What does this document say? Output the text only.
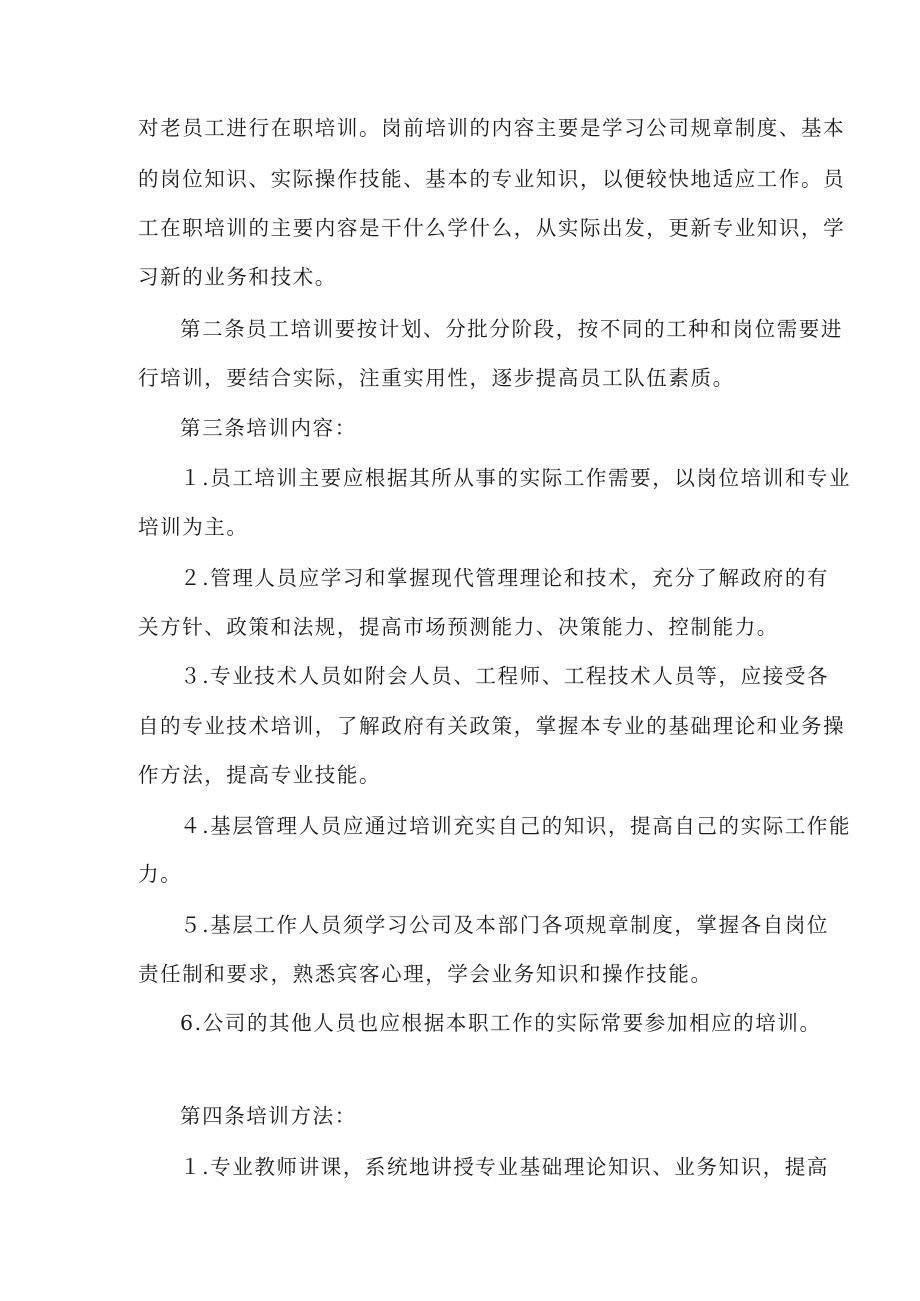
对老员工进行在职培训。岗前培训的内容主要是学习公司规章制度、基本
的岗位知识、实际操作技能、基本的专业知识，以便较快地适应工作。员
工在职培训的主要内容是干什么学什么，从实际出发，更新专业知识，学
习新的业务和技术。
第二条员工培训要按计划、分批分阶段，按不同的工种和岗位需要进
行培训，要结合实际，注重实用性，逐步提高员工队伍素质。
第三条培训内容：
１.员工培训主要应根据其所从事的实际工作需要，以岗位培训和专业
培训为主。
２.管理人员应学习和掌握现代管理理论和技术，充分了解政府的有
关方针、政策和法规，提高市场预测能力、决策能力、控制能力。
３.专业技术人员如附会人员、工程师、工程技术人员等，应接受各
自的专业技术培训，了解政府有关政策，掌握本专业的基础理论和业务操
作方法，提高专业技能。
４.基层管理人员应通过培训充实自己的知识，提高自己的实际工作能
力。
５.基层工作人员须学习公司及本部门各项规章制度，掌握各自岗位
责任制和要求，熟悉宾客心理，学会业务知识和操作技能。
6.公司的其他人员也应根据本职工作的实际常要参加相应的培训。
第四条培训方法：
１.专业教师讲课，系统地讲授专业基础理论知识、业务知识，提高
